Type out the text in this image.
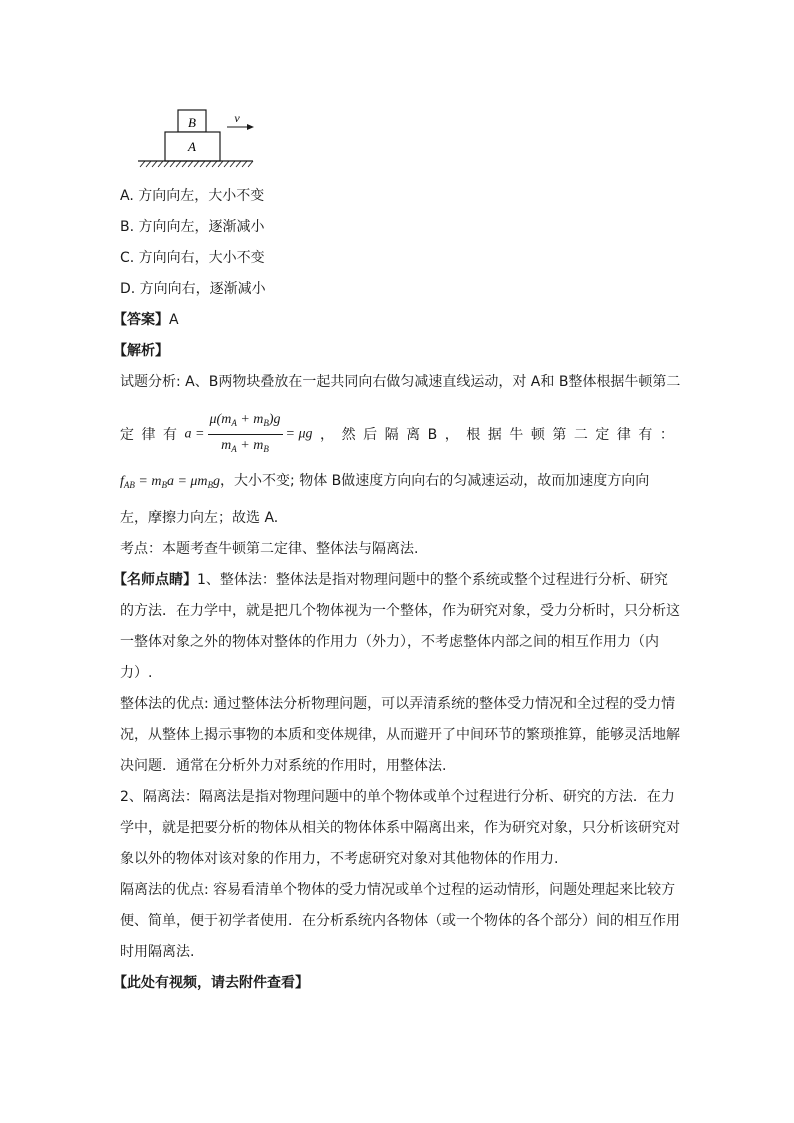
B
A
v
A. 方向向左，大小不变
B. 方向向左，逐渐减小
C. 方向向右，大小不变
D. 方向向右，逐渐减小
【答案】A
【解析】
试题分析: A、B两物块叠放在一起共同向右做匀减速直线运动，对 A和 B整体根据牛顿第二
定 律 有 $a = \frac{\mu(m_A + m_B)g}{m_A + m_B} = \mu g$ ， 然 后 隔 离 B ， 根 据 牛 顿 第 二 定 律 有 ：
$f_{AB} = m_Ba = \mu m_Bg$，大小不变; 物体 B做速度方向向右的匀减速运动，故而加速度方向向
左，摩擦力向左；故选 A.
考点：本题考查牛顿第二定律、整体法与隔离法.
【名师点睛】1、整体法：整体法是指对物理问题中的整个系统或整个过程进行分析、研究
的方法．在力学中，就是把几个物体视为一个整体，作为研究对象，受力分析时，只分析这
一整体对象之外的物体对整体的作用力（外力），不考虑整体内部之间的相互作用力（内
力）.
整体法的优点: 通过整体法分析物理问题，可以弄清系统的整体受力情况和全过程的受力情
况，从整体上揭示事物的本质和变体规律，从而避开了中间环节的繁琐推算，能够灵活地解
决问题．通常在分析外力对系统的作用时，用整体法.
2、隔离法：隔离法是指对物理问题中的单个物体或单个过程进行分析、研究的方法．在力
学中，就是把要分析的物体从相关的物体体系中隔离出来，作为研究对象，只分析该研究对
象以外的物体对该对象的作用力，不考虑研究对象对其他物体的作用力.
隔离法的优点: 容易看清单个物体的受力情况或单个过程的运动情形，问题处理起来比较方
便、简单，便于初学者使用．在分析系统内各物体（或一个物体的各个部分）间的相互作用
时用隔离法.
【此处有视频，请去附件查看】
